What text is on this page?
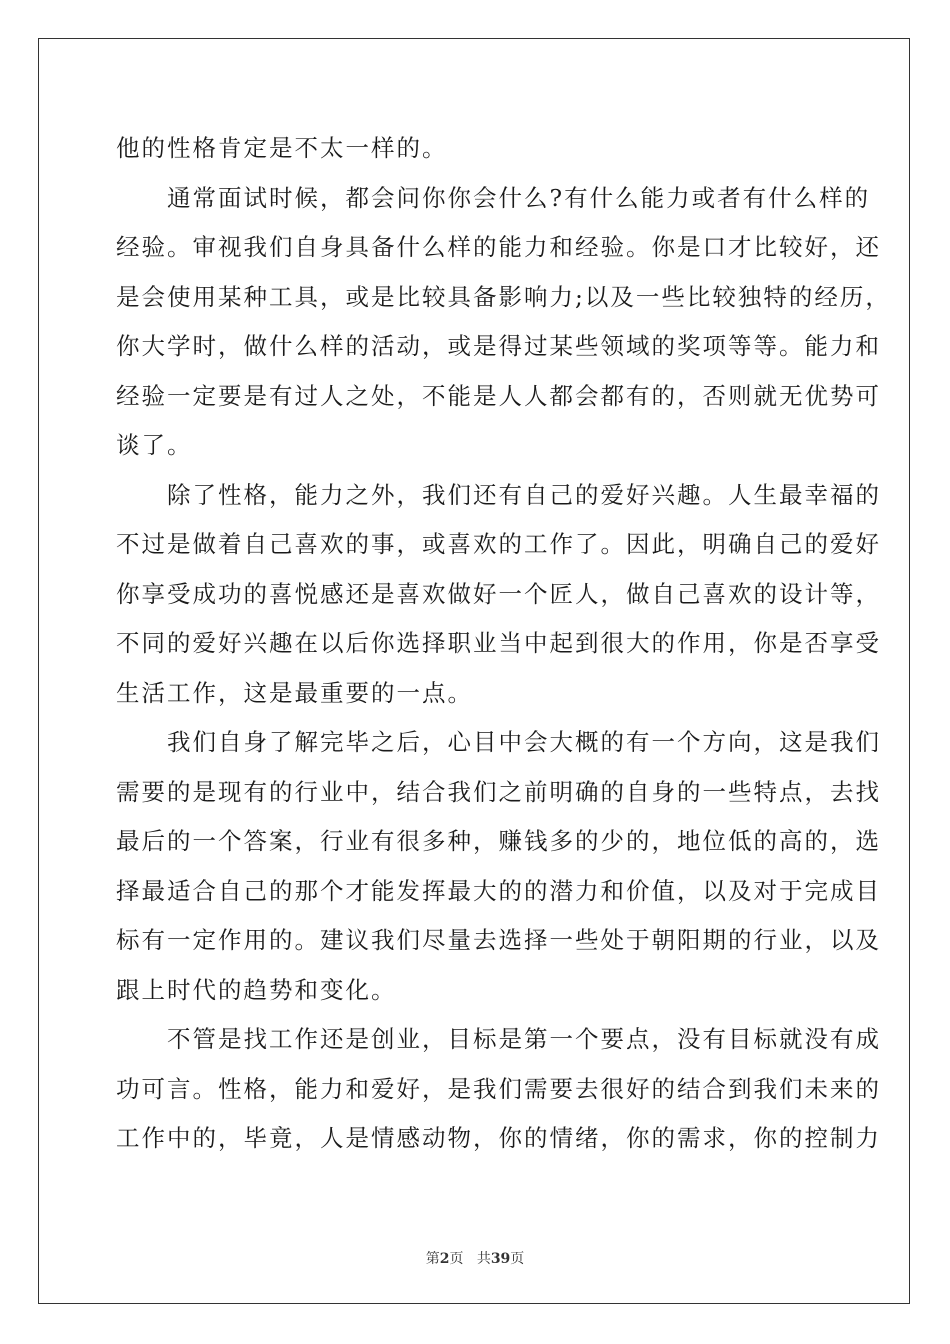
他的性格肯定是不太一样的。
　　通常面试时候，都会问你你会什么?有什么能力或者有什么样的
经验。审视我们自身具备什么样的能力和经验。你是口才比较好，还
是会使用某种工具，或是比较具备影响力;以及一些比较独特的经历，
你大学时，做什么样的活动，或是得过某些领域的奖项等等。能力和
经验一定要是有过人之处，不能是人人都会都有的，否则就无优势可
谈了。
　　除了性格，能力之外，我们还有自己的爱好兴趣。人生最幸福的
不过是做着自己喜欢的事，或喜欢的工作了。因此，明确自己的爱好
你享受成功的喜悦感还是喜欢做好一个匠人，做自己喜欢的设计等，
不同的爱好兴趣在以后你选择职业当中起到很大的作用，你是否享受
生活工作，这是最重要的一点。
　　我们自身了解完毕之后，心目中会大概的有一个方向，这是我们
需要的是现有的行业中，结合我们之前明确的自身的一些特点，去找
最后的一个答案，行业有很多种，赚钱多的少的，地位低的高的，选
择最适合自己的那个才能发挥最大的的潜力和价值，以及对于完成目
标有一定作用的。建议我们尽量去选择一些处于朝阳期的行业，以及
跟上时代的趋势和变化。
　　不管是找工作还是创业，目标是第一个要点，没有目标就没有成
功可言。性格，能力和爱好，是我们需要去很好的结合到我们未来的
工作中的，毕竟，人是情感动物，你的情绪，你的需求，你的控制力
第2页 共39页
